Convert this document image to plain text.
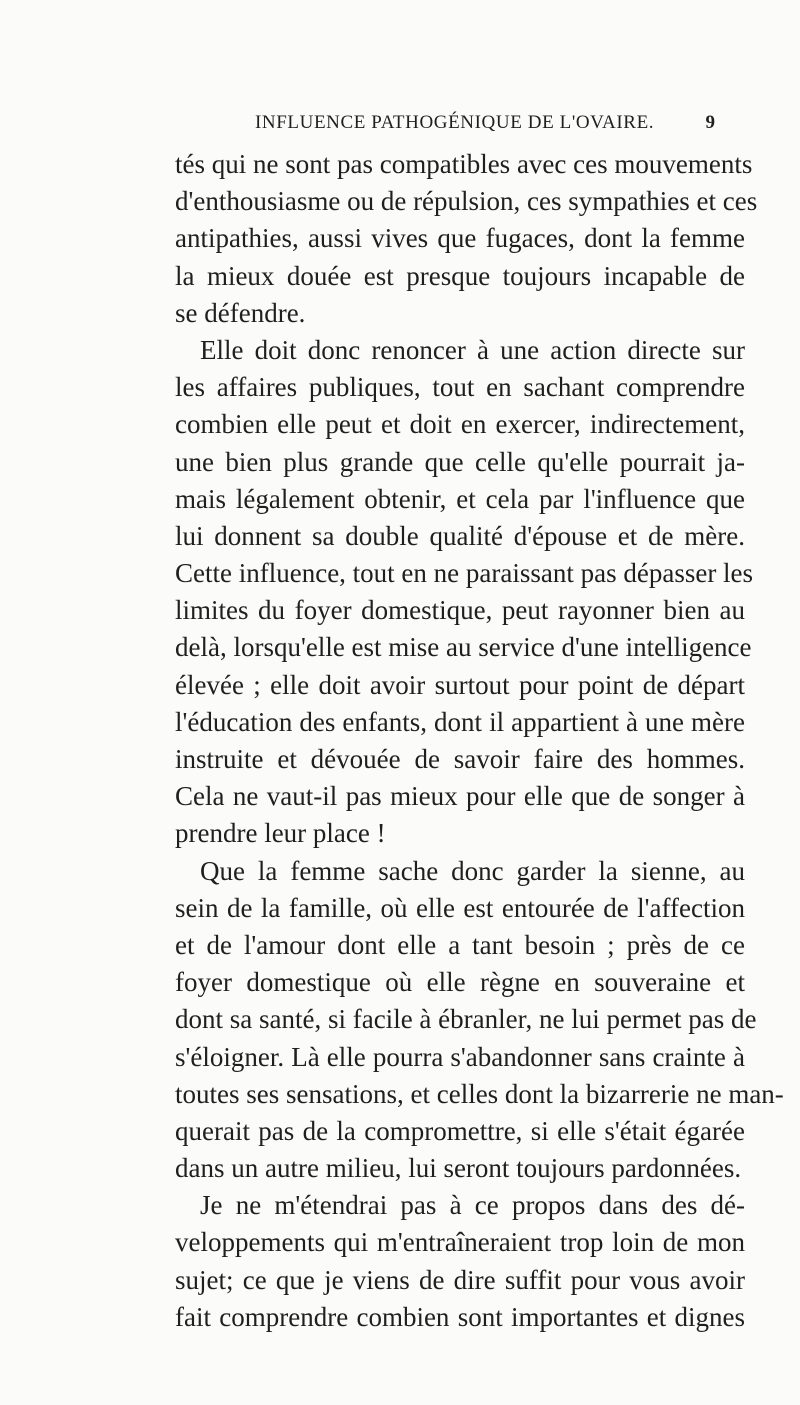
INFLUENCE PATHOGÉNIQUE DE L'OVAIRE.	9
tés qui ne sont pas compatibles avec ces mouvements
d'enthousiasme ou de répulsion, ces sympathies et ces
antipathies, aussi vives que fugaces, dont la femme
la mieux douée est presque toujours incapable de
se défendre.
Elle doit donc renoncer à une action directe sur
les affaires publiques, tout en sachant comprendre
combien elle peut et doit en exercer, indirectement,
une bien plus grande que celle qu'elle pourrait ja-
mais légalement obtenir, et cela par l'influence que
lui donnent sa double qualité d'épouse et de mère.
Cette influence, tout en ne paraissant pas dépasser les
limites du foyer domestique, peut rayonner bien au
delà, lorsqu'elle est mise au service d'une intelligence
élevée ; elle doit avoir surtout pour point de départ
l'éducation des enfants, dont il appartient à une mère
instruite et dévouée de savoir faire des hommes.
Cela ne vaut-il pas mieux pour elle que de songer à
prendre leur place !
Que la femme sache donc garder la sienne, au
sein de la famille, où elle est entourée de l'affection
et de l'amour dont elle a tant besoin ; près de ce
foyer domestique où elle règne en souveraine et
dont sa santé, si facile à ébranler, ne lui permet pas de
s'éloigner. Là elle pourra s'abandonner sans crainte à
toutes ses sensations, et celles dont la bizarrerie ne man-
querait pas de la compromettre, si elle s'était égarée
dans un autre milieu, lui seront toujours pardonnées.
Je ne m'étendrai pas à ce propos dans des dé-
veloppements qui m'entraîneraient trop loin de mon
sujet; ce que je viens de dire suffit pour vous avoir
fait comprendre combien sont importantes et dignes
